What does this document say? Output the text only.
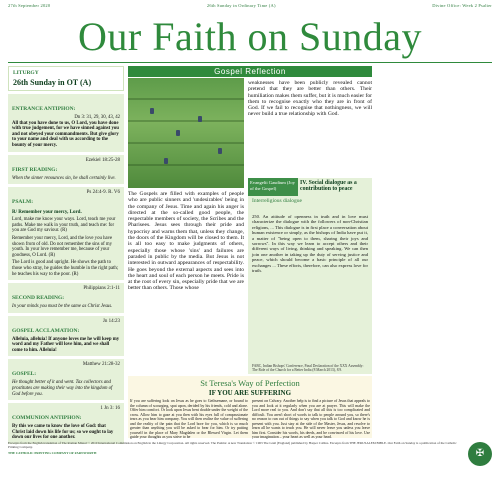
27th September 2020	26th Sunday in Ordinary Time (A)	Divine Office: Week 2 Psalter
Our Faith on Sunday
LITURGY
26th Sunday in OT (A)
ENTRANCE ANTIPHON:
Dn 3: 31, 29, 30, 43, 42
All that you have done to us, O Lord, you have done with true judgement, for we have sinned against you and not obeyed your commandments. But give glory to your name and deal with us according to the bounty of your mercy.
FIRST READING:
Ezekiel 18:25-28
When the sinner renounces sin, he shall certainly live.
PSALM:
Ps 24:4-9. R. V6
R/ Remember your mercy, Lord.
Lord, make me know your ways. Lord, teach me your paths. Make me walk in your truth, and teach me: for you are God my saviour. (R)
Remember your mercy, Lord, and the love you have shown from of old. Do not remember the sins of my youth. In your love remember me, because of your goodness, O Lord. (R)
The Lord is good and upright. He shows the path to those who stray, he guides the humble in the right path; he teaches his way to the poor. (R)
SECOND READING:
Philippians 2:1-11
In your minds you must be the same as Christ Jesus.
GOSPEL ACCLAMATION:
Jn 14:23
Alleluia, alleluia! If anyone loves me he will keep my word and my Father will love him, and we shall come to him. Alleluia!
GOSPEL:
Matthew 21:28-32
He thought better of it and went. Tax collectors and prostitutes are making their way into the kingdom of God before you.
COMMUNION ANTIPHON:
1 Jn 3: 16
By this we came to know the love of God: that Christ laid down his life for us; so we ought to lay down our lives for one another.
Gospel Reflection
The Gospels are filled with examples of people who are public sinners and 'undesirables' being in the company of Jesus. Time and again his anger is directed at the so-called good people, the respectable members of society, the Scribes and the Pharisees. Jesus sees through their pride and hypocrisy and warns them that, unless they change, the doors of the Kingdom will be closed to them. It is all too easy to make judgments of others, especially those whose 'sins' and failures are paraded in public by the media. But Jesus is not interested in outward appearances of respectability. He goes beyond the external aspects and sees into the heart and soul of each person he meets. Pride is at the root of every sin, especially pride that we are better than others. Those whose
weaknesses have been publicly revealed cannot pretend that they are better than others. Their humiliation makes them suffer, but it is much easier for them to recognise exactly who they are in front of God. If we fail to recognise that nothingness, we will never build a true relationship with God.
Evangelii Gaudium (Joy of the Gospel)
IV. Social dialogue as a contribution to peace
Interreligious dialogue
250. An attitude of openness in truth and in love must characterize the dialogue with the followers of non-Christian religions, ... This dialogue is in first place a conversation about human existence or simply, as the bishops of India have put it, a matter of "being open to them, sharing their joys and sorrows". In this way we learn to accept others and their different ways of living, thinking and speaking. We can then join one another in taking up the duty of serving justice and peace, which should become a basic principle of all our exchanges ... These efforts, therefore, can also express love for truth.
FABC, Indian Bishops' Conference, Final Declaration of the XXX Assembly: The Role of the Church for a Better India (8 March 2013), 8.9.
St Teresa's Way of Perfection
IF YOU ARE SUFFERING
If you are suffering look on Jesus as he goes to Gethsemane, or bound to the column of scourging, spat upon, derided by his friends, cold and alone. Offer him comfort. Or look upon Jesus bent double under the weight of the cross. Allow him to gaze at you then with his eyes full of compassionate tears as you bear him company. You will then realise the value of suffering and the reality of the pain that the Lord bore for you, which is so much greater than anything you will be asked to bear for him. Or try putting yourself in the place of Mary Magdalen or the Blessed Virgin. Let them guide your thoughts as you strive to be
present on Calvary. Another help is to find a picture of Jesus that appeals to you and look at it regularly when you are at prayer. This will make the Lord more real to you. And don't say that all this is too complicated and difficult. You aren't short of words to talk to people around you, so there's no reason to run out of things to say when you talk to God and know he is present with you. Just stay at the side of the Master, Jesus, and resolve to learn all he wants to teach you. He will never leave you unless you leave him first. Consider his words, his deeds, and be convinced of his love. Use your imagination – your heart as well as your head.
Excerpts from the English translation of The Roman Missal © 2010 International Commission on English in the Liturgy Corporation. All rights reserved. The Psalms: A new Translation © 1963 The Grail (England) published by Harper Collins. Excerpts from THE JERUSALEM BIBLE. Our Faith on Sunday is a publication of the Catholic Printing Company.
THE CATHOLIC PRINTING COMPANY OF FARNWORTH	✠
